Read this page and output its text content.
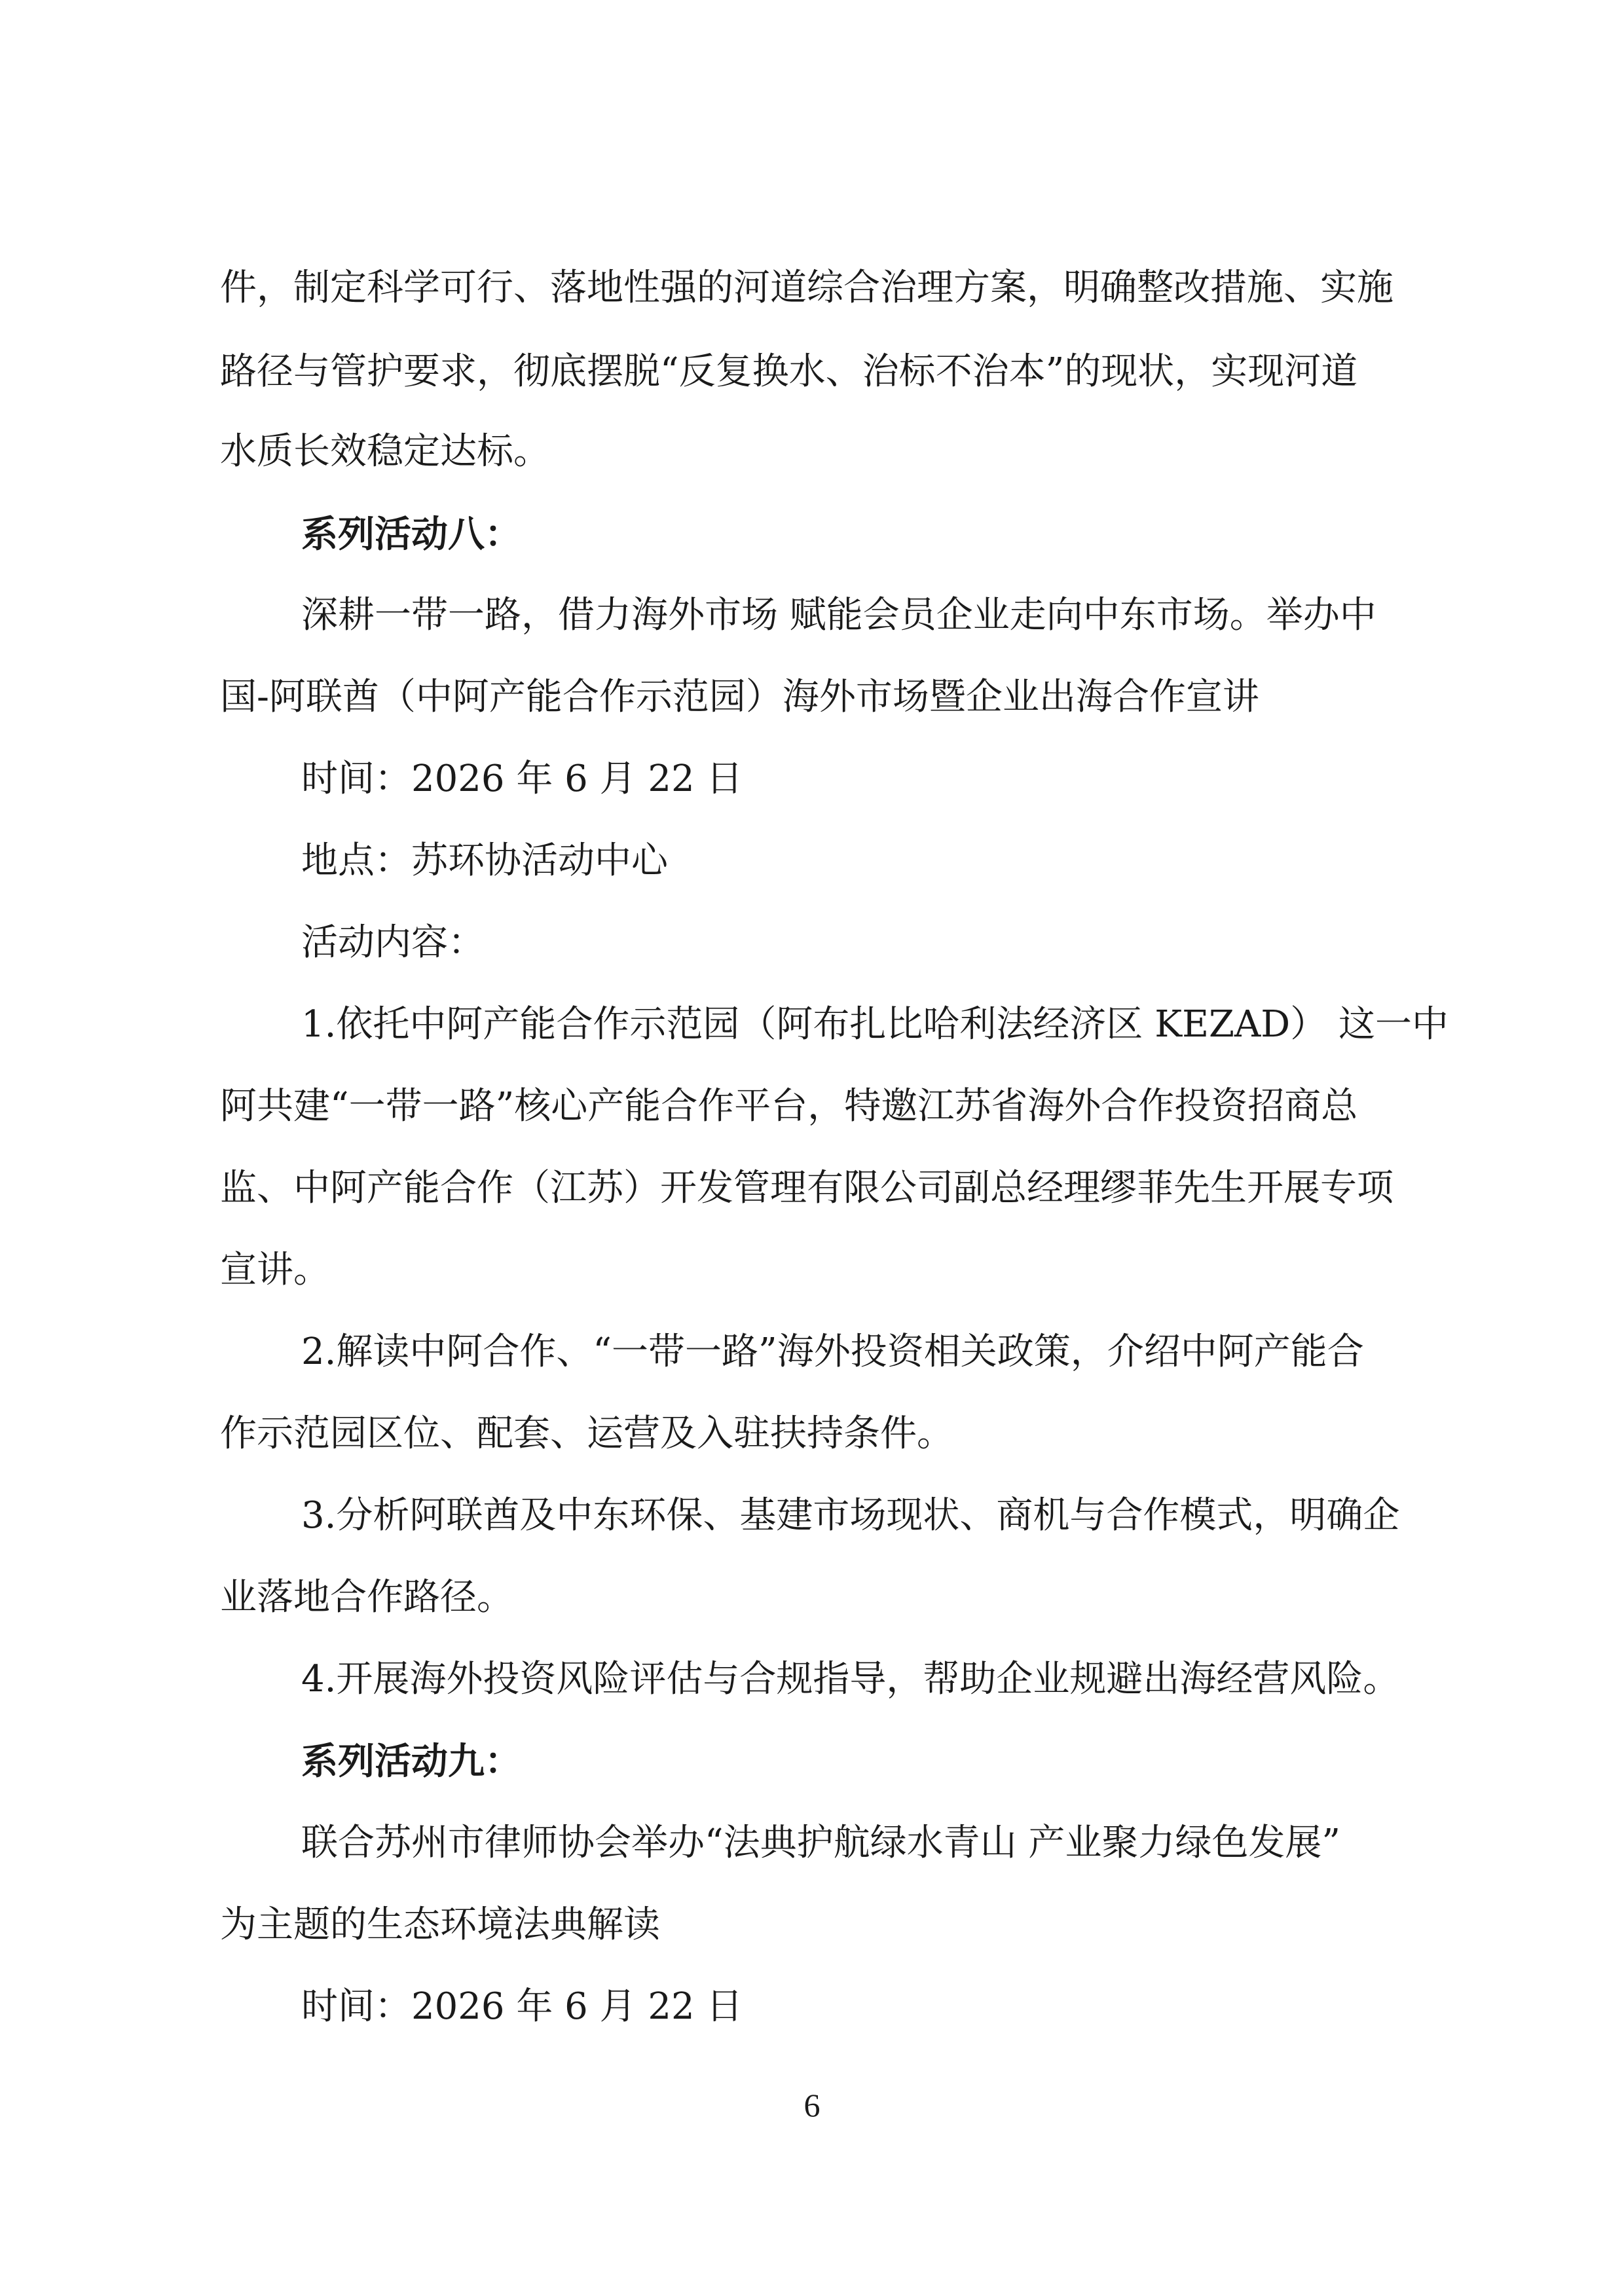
件，制定科学可行、落地性强的河道综合治理方案，明确整改措施、实施
路径与管护要求，彻底摆脱“反复换水、治标不治本”的现状，实现河道
水质长效稳定达标。
系列活动八：
深耕一带一路，借力海外市场 赋能会员企业走向中东市场。举办中
国-阿联酋（中阿产能合作示范园）海外市场暨企业出海合作宣讲
时间：2026 年 6 月 22 日
地点：苏环协活动中心
活动内容：
1.依托中阿产能合作示范园（阿布扎比哈利法经济区 KEZAD） 这一中
阿共建“一带一路”核心产能合作平台，特邀江苏省海外合作投资招商总
监、中阿产能合作（江苏）开发管理有限公司副总经理缪菲先生开展专项
宣讲。
2.解读中阿合作、“一带一路”海外投资相关政策，介绍中阿产能合
作示范园区位、配套、运营及入驻扶持条件。
3.分析阿联酋及中东环保、基建市场现状、商机与合作模式，明确企
业落地合作路径。
4.开展海外投资风险评估与合规指导，帮助企业规避出海经营风险。
系列活动九：
联合苏州市律师协会举办“法典护航绿水青山 产业聚力绿色发展”
为主题的生态环境法典解读
时间：2026 年 6 月 22 日
6
